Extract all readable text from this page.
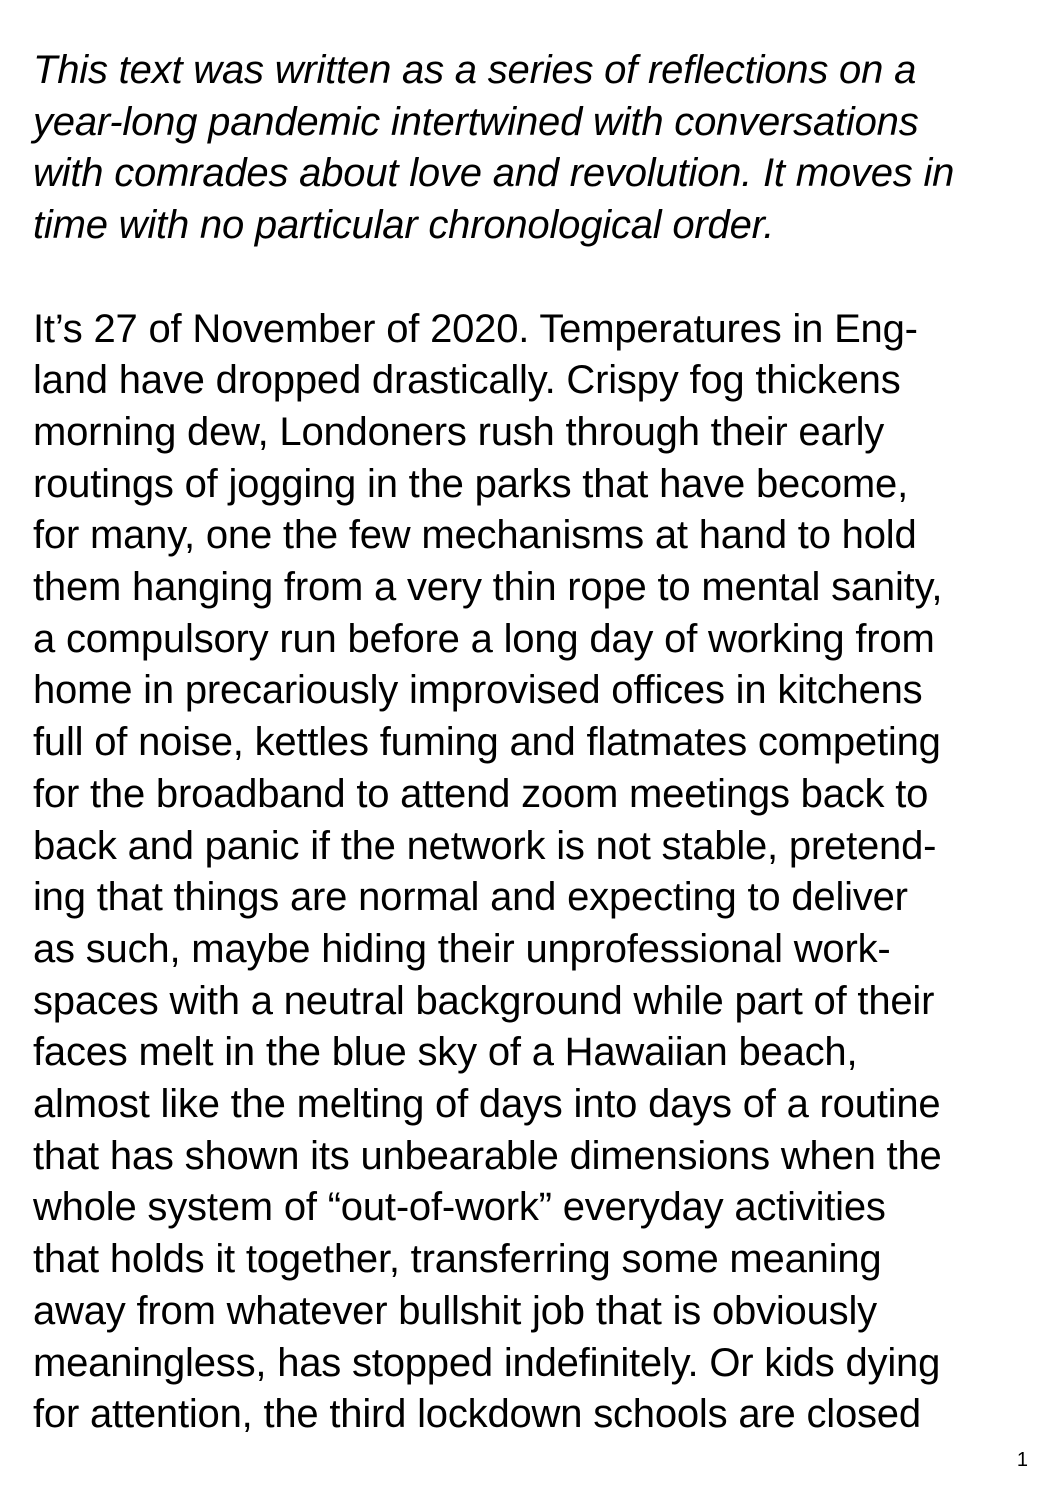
This text was written as a series of reflections on a
year-long pandemic intertwined with conversations
with comrades about love and revolution. It moves in
time with no particular chronological order.
It’s 27 of November of 2020. Temperatures in Eng-
land have dropped drastically. Crispy fog thickens
morning dew, Londoners rush through their early
routings of jogging in the parks that have become,
for many, one the few mechanisms at hand to hold
them hanging from a very thin rope to mental sanity,
a compulsory run before a long day of working from
home in precariously improvised offices in kitchens
full of noise, kettles fuming and flatmates competing
for the broadband to attend zoom meetings back to
back and panic if the network is not stable, pretend-
ing that things are normal and expecting to deliver
as such, maybe hiding their unprofessional work-
spaces with a neutral background while part of their
faces melt in the blue sky of a Hawaiian beach,
almost like the melting of days into days of a routine
that has shown its unbearable dimensions when the
whole system of “out-of-work” everyday activities
that holds it together, transferring some meaning
away from whatever bullshit job that is obviously
meaningless, has stopped indefinitely. Or kids dying
for attention, the third lockdown schools are closed
1
